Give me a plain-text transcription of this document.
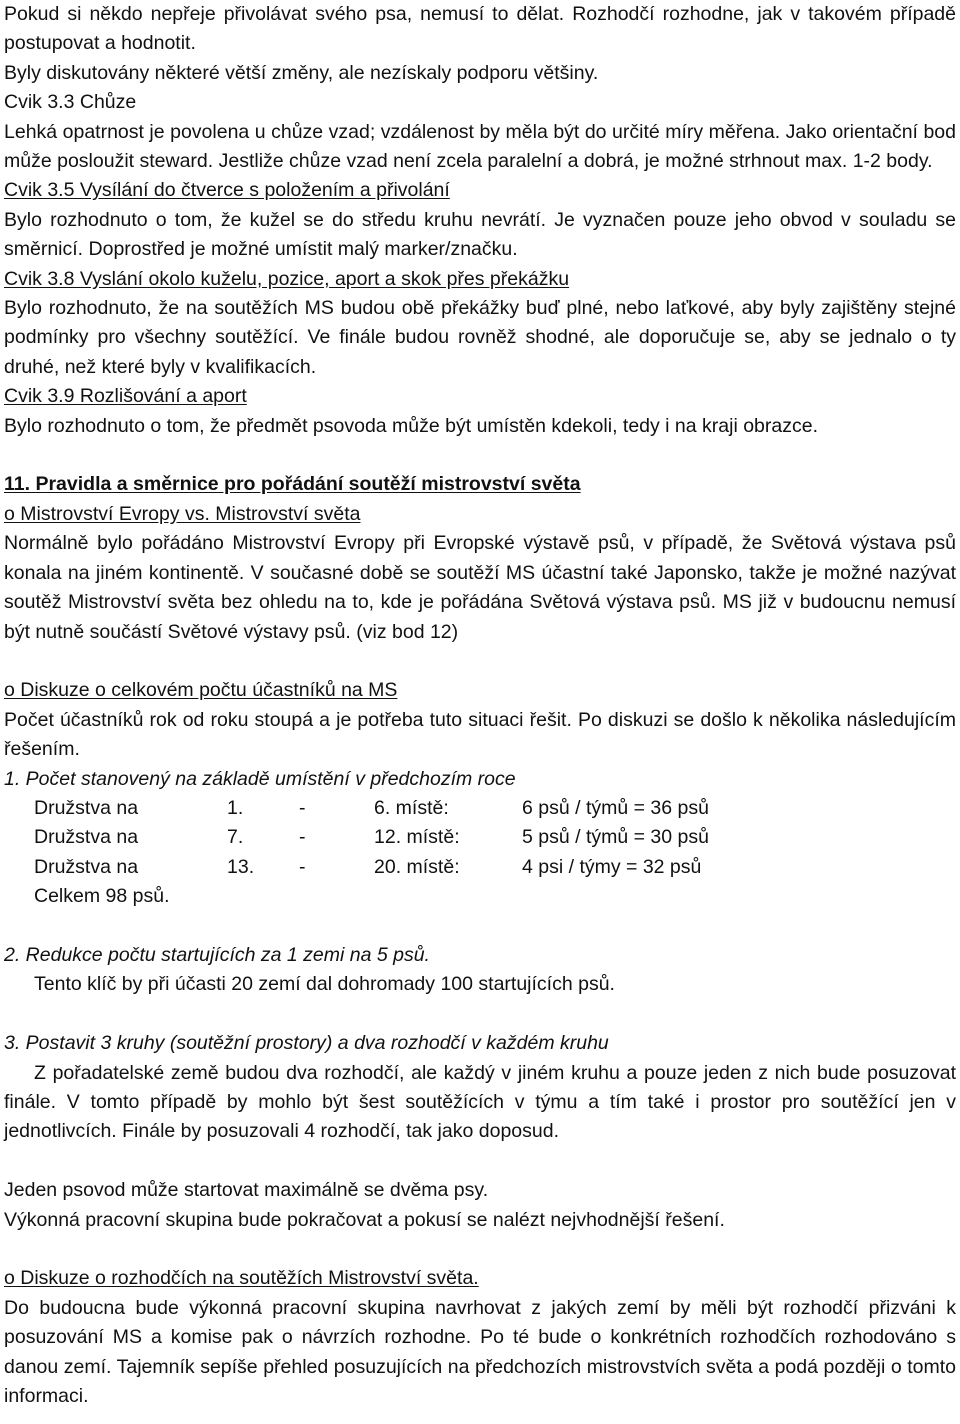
Pokud si někdo nepřeje přivolávat svého psa, nemusí to dělat. Rozhodčí rozhodne, jak v takovém případě postupovat a hodnotit.

Byly diskutovány některé větší změny, ale nezískaly podporu většiny.

Cvik 3.3 Chůze

Lehká opatrnost je povolena u chůze vzad; vzdálenost by měla být do určité míry měřena. Jako orientační bod může posloužit steward. Jestliže chůze vzad není zcela paralelní a dobrá, je možné strhnout max. 1-2 body.

Cvik 3.5 Vysílání do čtverce s položením a přivolání

Bylo rozhodnuto o tom, že kužel se do středu kruhu nevrátí. Je vyznačen pouze jeho obvod v souladu se směrnicí. Doprostřed je možné umístit malý marker/značku.

Cvik 3.8 Vyslání okolo kuželu, pozice, aport a skok přes překážku

Bylo rozhodnuto, že na soutěžích MS budou obě překážky buď plné, nebo laťkové, aby byly zajištěny stejné podmínky pro všechny soutěžící. Ve finále budou rovněž shodné, ale doporučuje se, aby se jednalo o ty druhé, než které byly v kvalifikacích.

Cvik 3.9 Rozlišování a aport

Bylo rozhodnuto o tom, že předmět psovoda může být umístěn kdekoli, tedy i na kraji obrazce.

11. Pravidla a směrnice pro pořádání soutěží mistrovství světa

o Mistrovství Evropy vs. Mistrovství světa

Normálně bylo pořádáno Mistrovství Evropy při Evropské výstavě psů, v případě, že Světová výstava psů konala na jiném kontinentě. V současné době se soutěží MS účastní také Japonsko, takže je možné nazývat soutěž Mistrovství světa bez ohledu na to, kde je pořádána Světová výstava psů. MS již v budoucnu nemusí být nutně součástí Světové výstavy psů. (viz bod 12)

o Diskuze o celkovém počtu účastníků na MS

Počet účastníků rok od roku stoupá a je potřeba tuto situaci řešit. Po diskuzi se došlo k několika následujícím řešením.

1. Počet stanovený na základě umístění v předchozím roce

Družstva na	1.	-	6. místě:	6 psů / týmů = 36 psů
Družstva na	7.	-	12. místě:	5 psů / týmů = 30 psů
Družstva na	13.	-	20. místě:	4 psi / týmy = 32 psů

Celkem 98 psů.

2. Redukce počtu startujících za 1 zemi na 5 psů.

Tento klíč by při účasti 20 zemí dal dohromady 100 startujících psů.

3. Postavit 3 kruhy (soutěžní prostory) a dva rozhodčí v každém kruhu

Z pořadatelské země budou dva rozhodčí, ale každý v jiném kruhu a pouze jeden z nich bude posuzovat finále. V tomto případě by mohlo být šest soutěžících v týmu a tím také i prostor pro soutěžící jen v jednotlivcích. Finále by posuzovali 4 rozhodčí, tak jako doposud.

Jeden psovod může startovat maximálně se dvěma psy.

Výkonná pracovní skupina bude pokračovat a pokusí se nalézt nejvhodnější řešení.

o Diskuze o rozhodčích na soutěžích Mistrovství světa.

Do budoucna bude výkonná pracovní skupina navrhovat z jakých zemí by měli být rozhodčí přizváni k posuzování MS a komise pak o návrzích rozhodne. Po té bude o konkrétních rozhodčích rozhodováno s danou zemí. Tajemník sepíše přehled posuzujících na předchozích mistrovstvích světa a podá později o tomto informaci.
